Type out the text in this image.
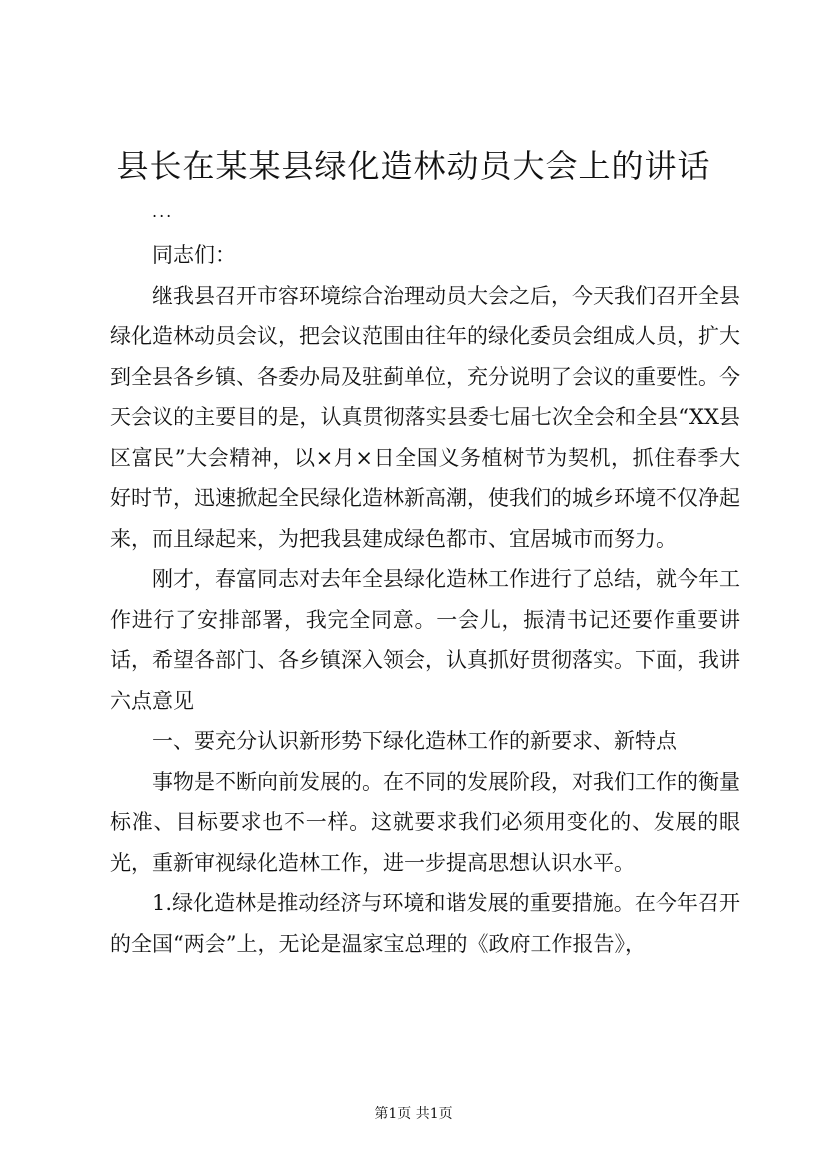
县长在某某县绿化造林动员大会上的讲话
...

同志们：

继我县召开市容环境综合治理动员大会之后，今天我们召开全县绿化造林动员会议，把会议范围由往年的绿化委员会组成人员，扩大到全县各乡镇、各委办局及驻蓟单位，充分说明了会议的重要性。今天会议的主要目的是，认真贯彻落实县委七届七次全会和全县“XX县区富民”大会精神，以×月×日全国义务植树节为契机，抓住春季大好时节，迅速掀起全民绿化造林新高潮，使我们的城乡环境不仅净起来，而且绿起来，为把我县建成绿色都市、宜居城市而努力。

刚才，春富同志对去年全县绿化造林工作进行了总结，就今年工作进行了安排部署，我完全同意。一会儿，振清书记还要作重要讲话，希望各部门、各乡镇深入领会，认真抓好贯彻落实。下面，我讲六点意见

一、要充分认识新形势下绿化造林工作的新要求、新特点

事物是不断向前发展的。在不同的发展阶段，对我们工作的衡量标准、目标要求也不一样。这就要求我们必须用变化的、发展的眼光，重新审视绿化造林工作，进一步提高思想认识水平。

1.绿化造林是推动经济与环境和谐发展的重要措施。在今年召开的全国“两会”上，无论是温家宝总理的《政府工作报告》，

第1页 共1页
